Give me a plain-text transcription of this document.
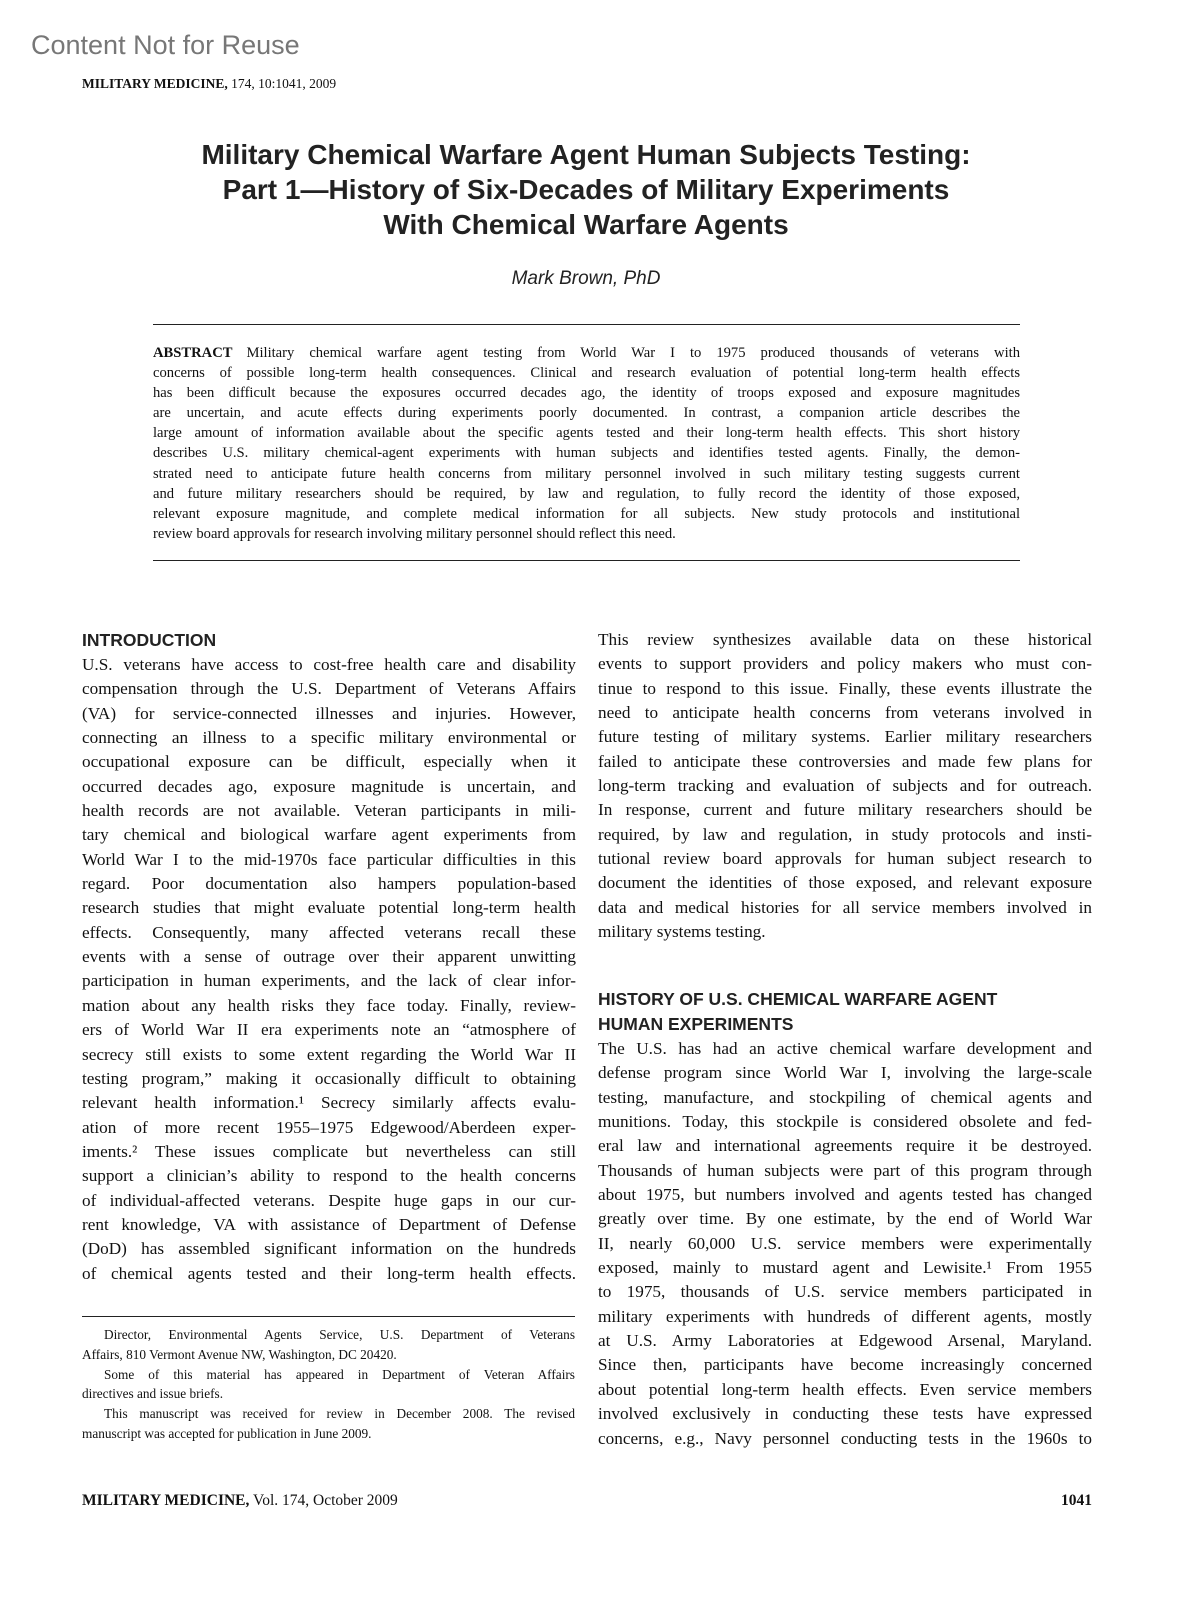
Content Not for Reuse
MILITARY MEDICINE, 174, 10:1041, 2009
Military Chemical Warfare Agent Human Subjects Testing:
Part 1—History of Six-Decades of Military Experiments
With Chemical Warfare Agents
Mark Brown, PhD
ABSTRACT Military chemical warfare agent testing from World War I to 1975 produced thousands of veterans with
concerns of possible long-term health consequences. Clinical and research evaluation of potential long-term health effects
has been difficult because the exposures occurred decades ago, the identity of troops exposed and exposure magnitudes
are uncertain, and acute effects during experiments poorly documented. In contrast, a companion article describes the
large amount of information available about the specific agents tested and their long-term health effects. This short history
describes U.S. military chemical-agent experiments with human subjects and identifies tested agents. Finally, the demon-
strated need to anticipate future health concerns from military personnel involved in such military testing suggests current
and future military researchers should be required, by law and regulation, to fully record the identity of those exposed,
relevant exposure magnitude, and complete medical information for all subjects. New study protocols and institutional
review board approvals for research involving military personnel should reflect this need.
INTRODUCTION
U.S. veterans have access to cost-free health care and disability
compensation through the U.S. Department of Veterans Affairs
(VA) for service-connected illnesses and injuries. However,
connecting an illness to a specific military environmental or
occupational exposure can be difficult, especially when it
occurred decades ago, exposure magnitude is uncertain, and
health records are not available. Veteran participants in mili-
tary chemical and biological warfare agent experiments from
World War I to the mid-1970s face particular difficulties in this
regard. Poor documentation also hampers population-based
research studies that might evaluate potential long-term health
effects. Consequently, many affected veterans recall these
events with a sense of outrage over their apparent unwitting
participation in human experiments, and the lack of clear infor-
mation about any health risks they face today. Finally, review-
ers of World War II era experiments note an “atmosphere of
secrecy still exists to some extent regarding the World War II
testing program,” making it occasionally difficult to obtaining
relevant health information.¹ Secrecy similarly affects evalu-
ation of more recent 1955–1975 Edgewood/Aberdeen exper-
iments.² These issues complicate but nevertheless can still
support a clinician’s ability to respond to the health concerns
of individual-affected veterans. Despite huge gaps in our cur-
rent knowledge, VA with assistance of Department of Defense
(DoD) has assembled significant information on the hundreds
of chemical agents tested and their long-term health effects.
This review synthesizes available data on these historical
events to support providers and policy makers who must con-
tinue to respond to this issue. Finally, these events illustrate the
need to anticipate health concerns from veterans involved in
future testing of military systems. Earlier military researchers
failed to anticipate these controversies and made few plans for
long-term tracking and evaluation of subjects and for outreach.
In response, current and future military researchers should be
required, by law and regulation, in study protocols and insti-
tutional review board approvals for human subject research to
document the identities of those exposed, and relevant exposure
data and medical histories for all service members involved in
military systems testing.
HISTORY OF U.S. CHEMICAL WARFARE AGENT
HUMAN EXPERIMENTS
The U.S. has had an active chemical warfare development and
defense program since World War I, involving the large-scale
testing, manufacture, and stockpiling of chemical agents and
munitions. Today, this stockpile is considered obsolete and fed-
eral law and international agreements require it be destroyed.
Thousands of human subjects were part of this program through
about 1975, but numbers involved and agents tested has changed
greatly over time. By one estimate, by the end of World War
II, nearly 60,000 U.S. service members were experimentally
exposed, mainly to mustard agent and Lewisite.¹ From 1955
to 1975, thousands of U.S. service members participated in
military experiments with hundreds of different agents, mostly
at U.S. Army Laboratories at Edgewood Arsenal, Maryland.
Since then, participants have become increasingly concerned
about potential long-term health effects. Even service members
involved exclusively in conducting these tests have expressed
concerns, e.g., Navy personnel conducting tests in the 1960s to
Director, Environmental Agents Service, U.S. Department of Veterans
Affairs, 810 Vermont Avenue NW, Washington, DC 20420.
Some of this material has appeared in Department of Veteran Affairs
directives and issue briefs.
This manuscript was received for review in December 2008. The revised
manuscript was accepted for publication in June 2009.
MILITARY MEDICINE, Vol. 174, October 2009	1041
